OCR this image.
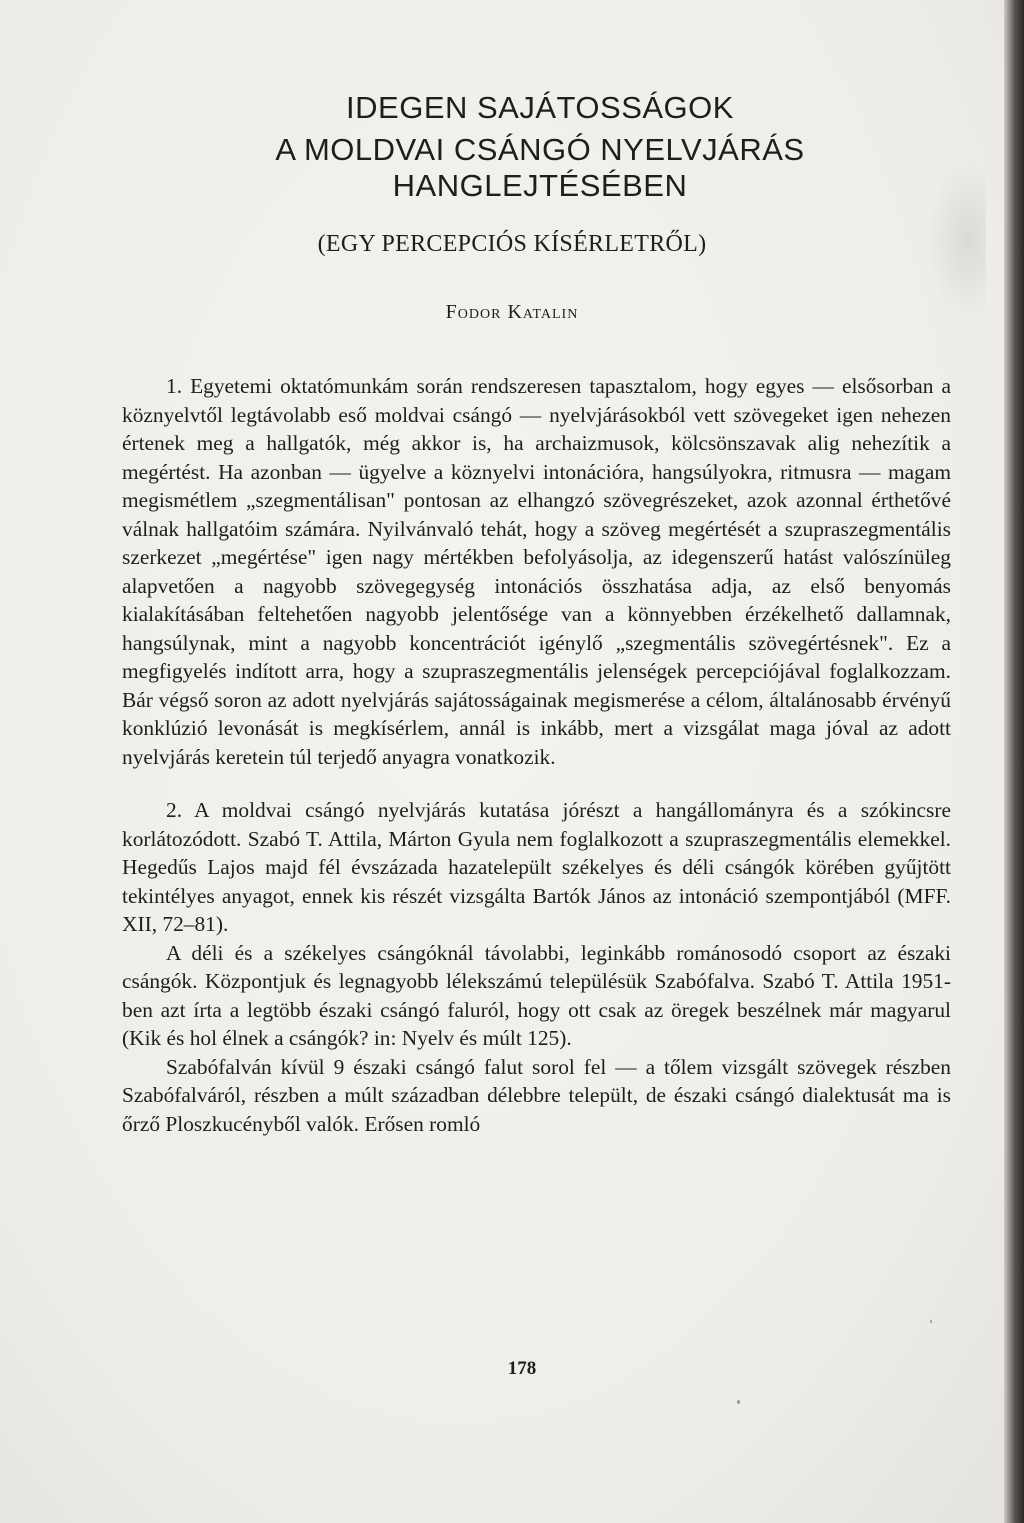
IDEGEN SAJÁTOSSÁGOK
A MOLDVAI CSÁNGÓ NYELVJÁRÁS
HANGLEJTÉSÉBEN
(EGY PERCEPCIÓS KÍSÉRLETRŐL)
Fodor Katalin

1. Egyetemi oktatómunkám során rendszeresen tapasztalom, hogy egyes — elsősorban a köznyelvtől legtávolabb eső moldvai csángó — nyelvjárásokból vett szövegeket igen nehezen értenek meg a hallgatók, még akkor is, ha archaizmusok, kölcsönszavak alig nehezítik a megértést. Ha azonban — ügyelve a köznyelvi intonációra, hangsúlyokra, ritmusra — magam megismétlem „szegmentálisan" pontosan az elhangzó szövegrészeket, azok azonnal érthetővé válnak hallgatóim számára. Nyilvánvaló tehát, hogy a szöveg megértését a szupraszegmentális szerkezet „megértése" igen nagy mértékben befolyásolja, az idegenszerű hatást valószínüleg alapvetően a nagyobb szövegegység intonációs összhatása adja, az első benyomás kialakításában feltehetően nagyobb jelentősége van a könnyebben érzékelhető dallamnak, hangsúlynak, mint a nagyobb koncentrációt igénylő „szegmentális szövegértésnek". Ez a megfigyelés indított arra, hogy a szupraszegmentális jelenségek percepciójával foglalkozzam. Bár végső soron az adott nyelvjárás sajátosságainak megismerése a célom, általánosabb érvényű konklúzió levonását is megkísérlem, annál is inkább, mert a vizsgálat maga jóval az adott nyelvjárás keretein túl terjedő anyagra vonatkozik.

2. A moldvai csángó nyelvjárás kutatása jórészt a hangállományra és a szókincsre korlátozódott. Szabó T. Attila, Márton Gyula nem foglalkozott a szupraszegmentális elemekkel. Hegedűs Lajos majd fél évszázada hazatelepült székelyes és déli csángók körében gyűjtött tekintélyes anyagot, ennek kis részét vizsgálta Bartók János az intonáció szempontjából (MFF. XII, 72–81).

A déli és a székelyes csángóknál távolabbi, leginkább románosodó csoport az északi csángók. Központjuk és legnagyobb lélekszámú településük Szabófalva. Szabó T. Attila 1951-ben azt írta a legtöbb északi csángó faluról, hogy ott csak az öregek beszélnek már magyarul (Kik és hol élnek a csángók? in: Nyelv és múlt 125).

Szabófalván kívül 9 északi csángó falut sorol fel — a tőlem vizsgált szövegek részben Szabófalváról, részben a múlt században délebbre települt, de északi csángó dialektusát ma is őrző Ploszkucényből valók. Erősen romló

178
